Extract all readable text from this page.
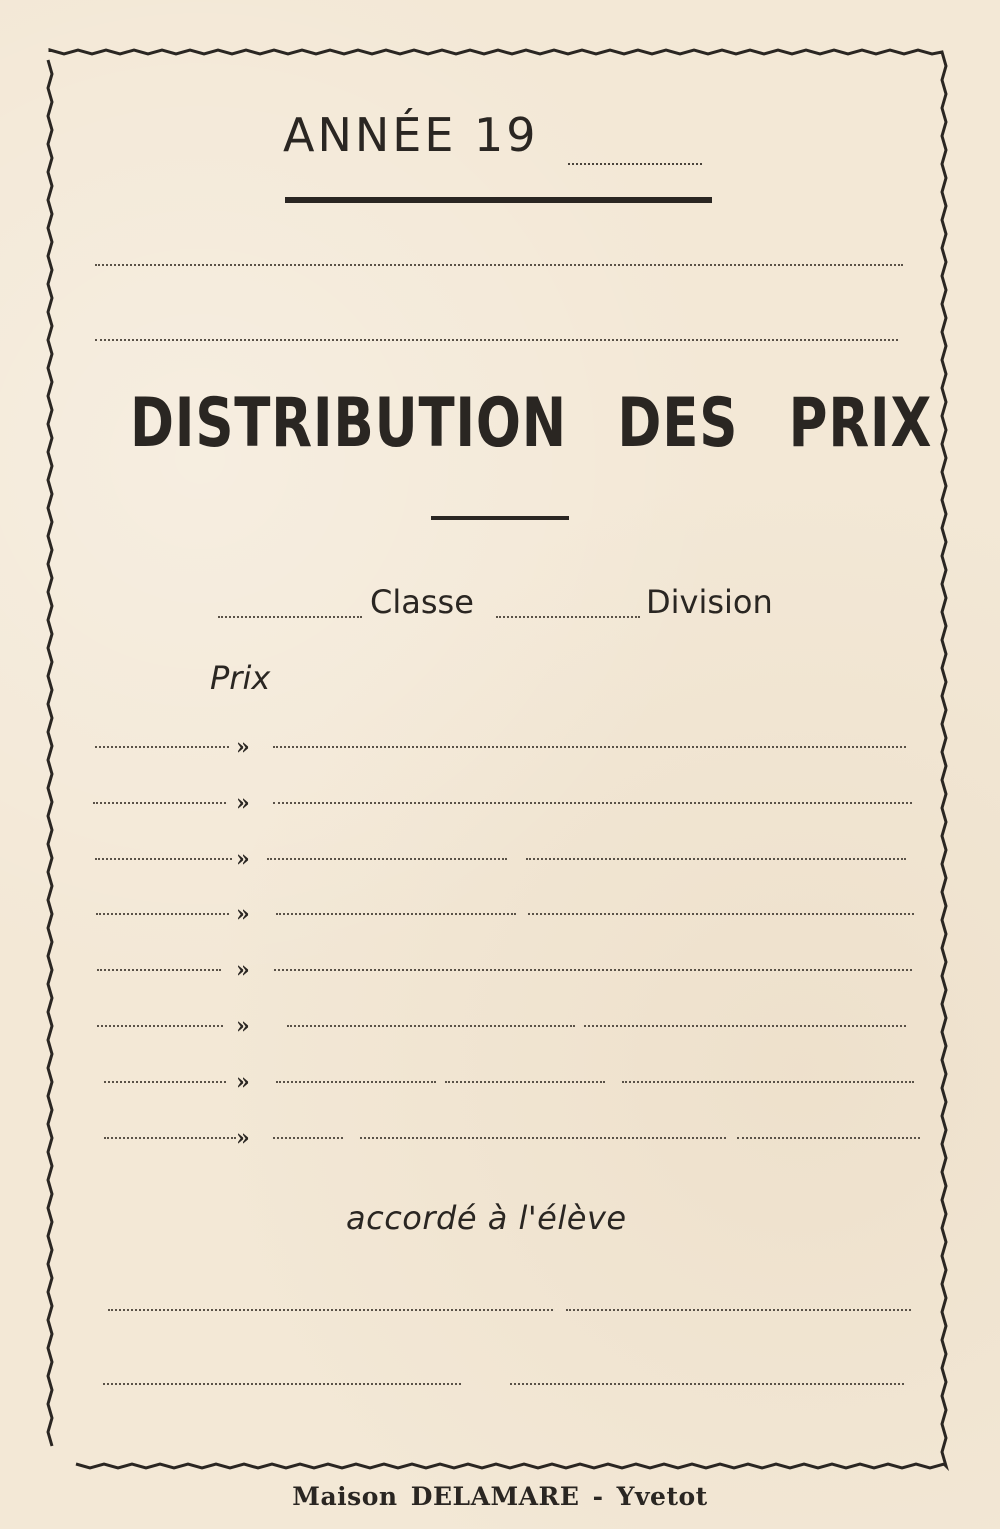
ANNÉE 19
DISTRIBUTION DES PRIX
Classe	Division
Prix
»
»
»
»
»
»
»
»
accordé à l'élève
Maison DELAMARE - Yvetot
